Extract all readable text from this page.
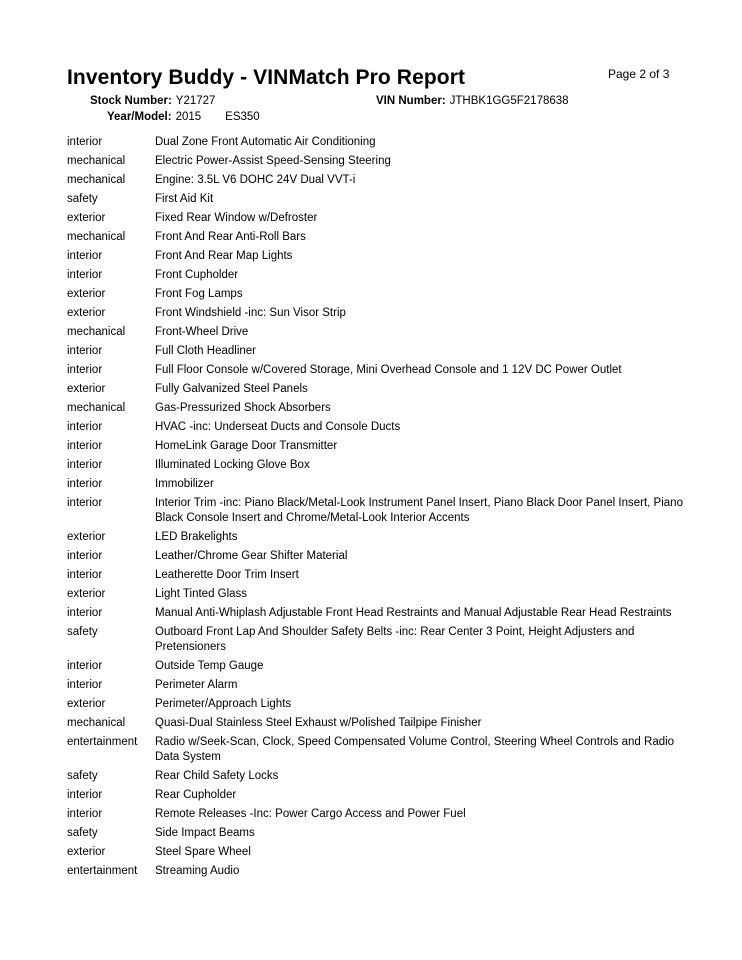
Inventory Buddy - VINMatch Pro Report	Page 2 of 3
Stock Number: Y21727	VIN Number: JTHBK1GG5F2178638
Year/Model: 2015 ES350
interior	Dual Zone Front Automatic Air Conditioning
mechanical	Electric Power-Assist Speed-Sensing Steering
mechanical	Engine: 3.5L V6 DOHC 24V Dual VVT-i
safety	First Aid Kit
exterior	Fixed Rear Window w/Defroster
mechanical	Front And Rear Anti-Roll Bars
interior	Front And Rear Map Lights
interior	Front Cupholder
exterior	Front Fog Lamps
exterior	Front Windshield -inc: Sun Visor Strip
mechanical	Front-Wheel Drive
interior	Full Cloth Headliner
interior	Full Floor Console w/Covered Storage, Mini Overhead Console and 1 12V DC Power Outlet
exterior	Fully Galvanized Steel Panels
mechanical	Gas-Pressurized Shock Absorbers
interior	HVAC -inc: Underseat Ducts and Console Ducts
interior	HomeLink Garage Door Transmitter
interior	Illuminated Locking Glove Box
interior	Immobilizer
interior	Interior Trim -inc: Piano Black/Metal-Look Instrument Panel Insert, Piano Black Door Panel Insert, Piano Black Console Insert and Chrome/Metal-Look Interior Accents
exterior	LED Brakelights
interior	Leather/Chrome Gear Shifter Material
interior	Leatherette Door Trim Insert
exterior	Light Tinted Glass
interior	Manual Anti-Whiplash Adjustable Front Head Restraints and Manual Adjustable Rear Head Restraints
safety	Outboard Front Lap And Shoulder Safety Belts -inc: Rear Center 3 Point, Height Adjusters and Pretensioners
interior	Outside Temp Gauge
interior	Perimeter Alarm
exterior	Perimeter/Approach Lights
mechanical	Quasi-Dual Stainless Steel Exhaust w/Polished Tailpipe Finisher
entertainment	Radio w/Seek-Scan, Clock, Speed Compensated Volume Control, Steering Wheel Controls and Radio Data System
safety	Rear Child Safety Locks
interior	Rear Cupholder
interior	Remote Releases -Inc: Power Cargo Access and Power Fuel
safety	Side Impact Beams
exterior	Steel Spare Wheel
entertainment	Streaming Audio
